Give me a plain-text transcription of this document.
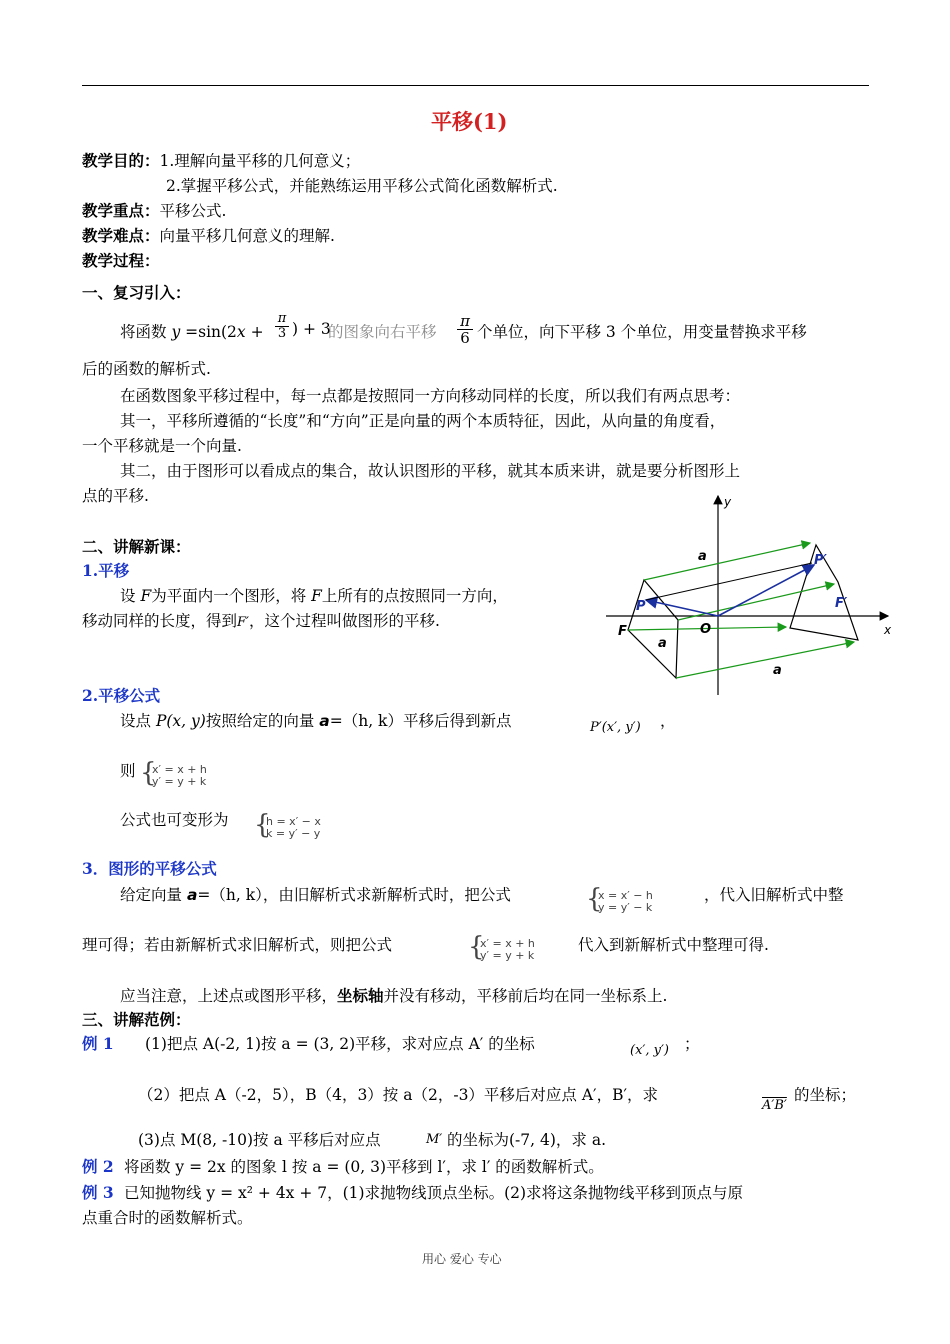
平移(1)
教学目的：1.理解向量平移的几何意义；
2.掌握平移公式，并能熟练运用平移公式简化函数解析式.
教学重点：平移公式.
教学难点：向量平移几何意义的理解.
教学过程：
一、复习引入：
将函数 $y =\sin(2x + \frac{\pi}{3}$ ) + 3
的图象向右平移 $\frac{\pi}{6}$ 个单位，向下平移 3 个单位，用变量替换求平移
后的函数的解析式.
在函数图象平移过程中，每一点都是按照同一方向移动同样的长度，所以我们有两点思考：
其一，平移所遵循的“长度”和“方向”正是向量的两个本质特征，因此，从向量的角度看，
一个平移就是一个向量.
其二，由于图形可以看成点的集合，故认识图形的平移，就其本质来讲，就是要分析图形上
点的平移.
二、讲解新课：
1.平移
设 F为平面内一个图形，将 F上所有的点按照同一方向，
移动同样的长度，得到F′，这个过程叫做图形的平移.
y
x
O
P
P′
F
F′
a
a
a
2.平移公式
设点 P(x, y)按照给定的向量 a=（h, k）平移后得到新点	P′(x′, y′) ，
则 {
x′ = x + h
y′ = y + k
公式也可变形为 {
h = x′ − x
k = y′ − y
3．图形的平移公式
给定向量 a=（h, k），由旧解析式求新解析式时，把公式	{
x = x′ − h
y = y′ − k
，代入旧解析式中整
理可得；若由新解析式求旧解析式，则把公式	{
x′ = x + h
y′ = y + k
代入到新解析式中整理可得.
应当注意，上述点或图形平移，坐标轴并没有移动，平移前后均在同一坐标系上.
三、讲解范例：
例 1 (1)把点 A(-2, 1)按 a = (3, 2)平移，求对应点 A′ 的坐标	(x′, y′) ；
（2）把点 A（-2，5），B（4，3）按 a（2，-3）平移后对应点 A′，B′，求
A′B′
的坐标；
(3)点 M(8, -10)按 a 平移后对应点	M′ 的坐标为(-7, 4)，求 a.
例 2 将函数 y = 2x 的图象 l 按 a = (0, 3)平移到 l′，求 l′ 的函数解析式。
例 3 已知抛物线 y = x² + 4x + 7，(1)求抛物线顶点坐标。(2)求将这条抛物线平移到顶点与原
点重合时的函数解析式。
用心 爱心 专心
